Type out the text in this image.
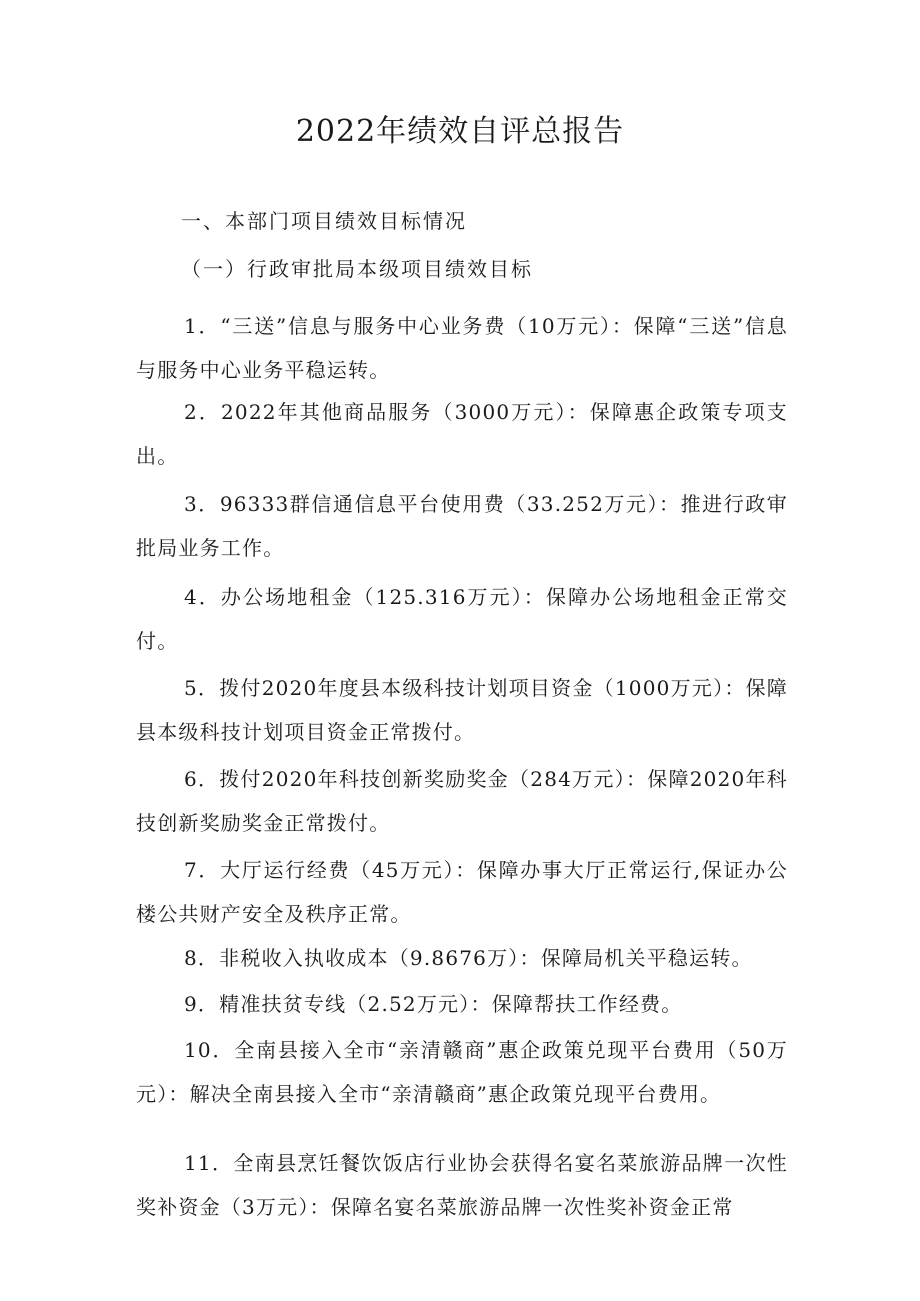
2022年绩效自评总报告
一、本部门项目绩效目标情况
（一）行政审批局本级项目绩效目标
1．“三送”信息与服务中心业务费（10万元）：保障“三送”信息与服务中心业务平稳运转。
2．2022年其他商品服务（3000万元）：保障惠企政策专项支出。
3．96333群信通信息平台使用费（33.252万元）：推进行政审批局业务工作。
4．办公场地租金（125.316万元）：保障办公场地租金正常交付。
5．拨付2020年度县本级科技计划项目资金（1000万元）：保障县本级科技计划项目资金正常拨付。
6．拨付2020年科技创新奖励奖金（284万元）：保障2020年科技创新奖励奖金正常拨付。
7．大厅运行经费（45万元）：保障办事大厅正常运行,保证办公楼公共财产安全及秩序正常。
8．非税收入执收成本（9.8676万）：保障局机关平稳运转。
9．精准扶贫专线（2.52万元）：保障帮扶工作经费。
10．全南县接入全市“亲清赣商”惠企政策兑现平台费用（50万元）：解决全南县接入全市“亲清赣商”惠企政策兑现平台费用。
11．全南县烹饪餐饮饭店行业协会获得名宴名菜旅游品牌一次性奖补资金（3万元）：保障名宴名菜旅游品牌一次性奖补资金正常
